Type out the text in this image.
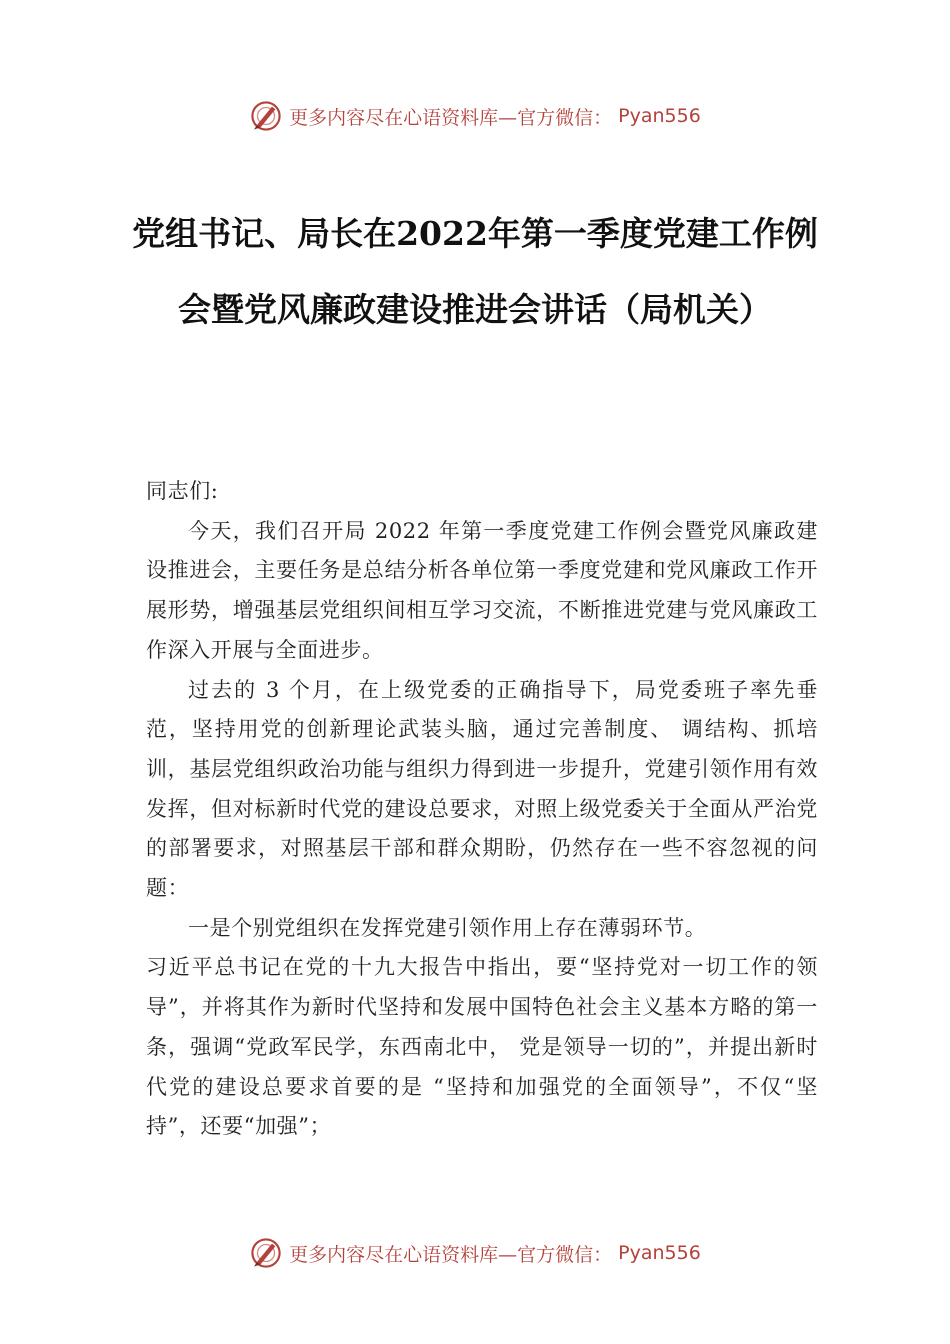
更多内容尽在心语资料库—官方微信： Pyan556
党组书记、局长在2022年第一季度党建工作例会暨党风廉政建设推进会讲话（局机关）

同志们:

今天，我们召开局 2022 年第一季度党建工作例会暨党风廉政建设推进会，主要任务是总结分析各单位第一季度党建和党风廉政工作开展形势，增强基层党组织间相互学习交流，不断推进党建与党风廉政工作深入开展与全面进步。

过去的 3 个月，在上级党委的正确指导下，局党委班子率先垂范，坚持用党的创新理论武装头脑，通过完善制度、 调结构、抓培训，基层党组织政治功能与组织力得到进一步提升，党建引领作用有效发挥，但对标新时代党的建设总要求，对照上级党委关于全面从严治党的部署要求，对照基层干部和群众期盼，仍然存在一些不容忽视的问题：

一是个别党组织在发挥党建引领作用上存在薄弱环节。

习近平总书记在党的十九大报告中指出，要“坚持党对一切工作的领导”，并将其作为新时代坚持和发展中国特色社会主义基本方略的第一条，强调“党政军民学，东西南北中， 党是领导一切的”，并提出新时代党的建设总要求首要的是 “坚持和加强党的全面领导”，不仅“坚持”，还要“加强”；

更多内容尽在心语资料库—官方微信： Pyan556
